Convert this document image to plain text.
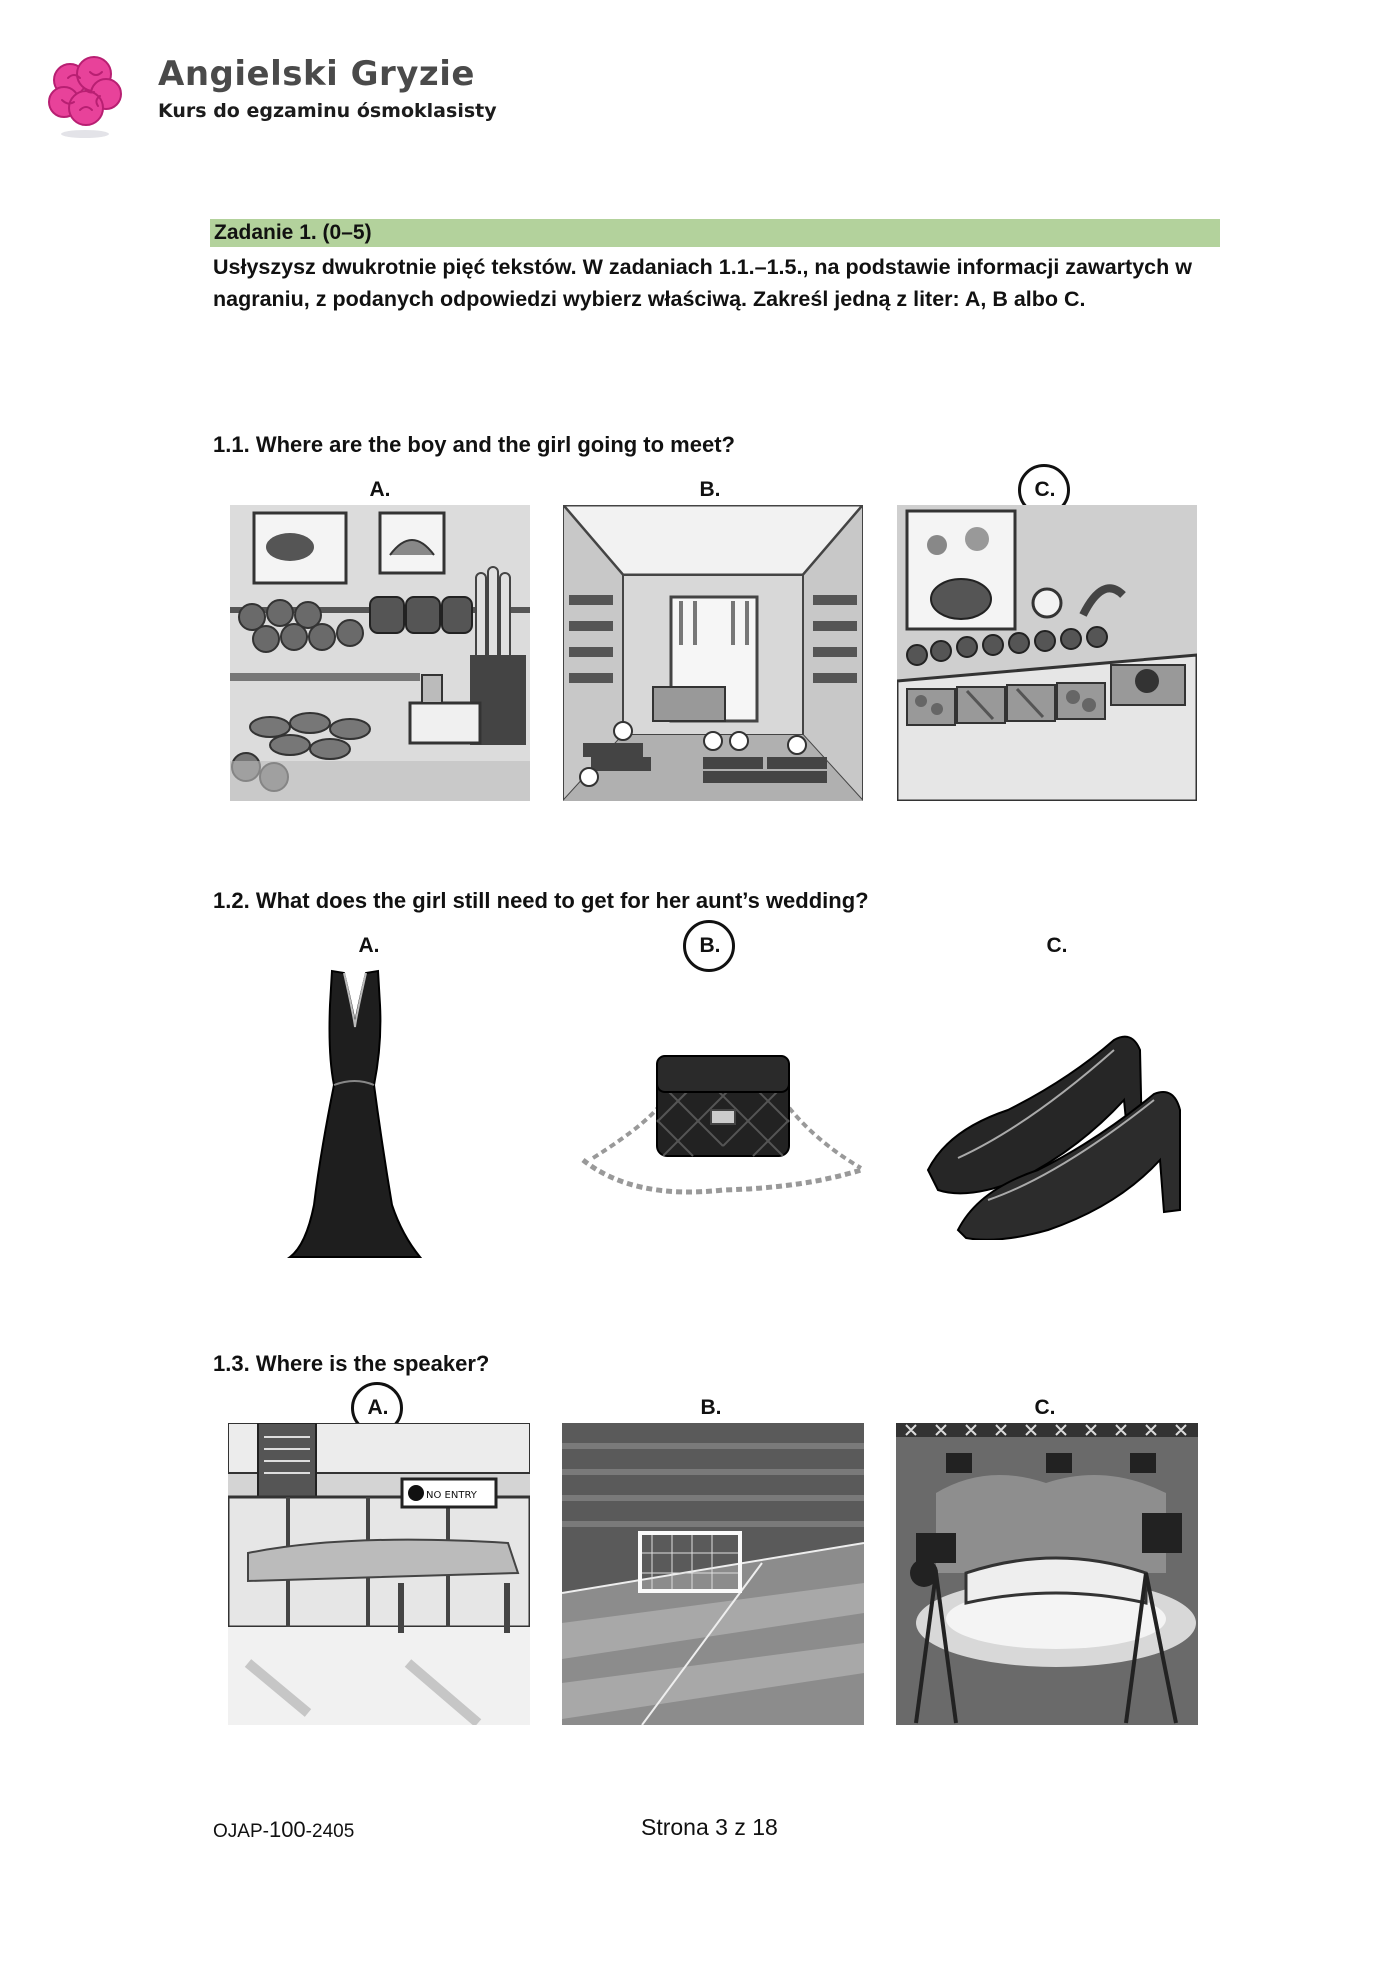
Angielski Gryzie
Kurs do egzaminu ósmoklasisty
Zadanie 1. (0–5)
Usłyszysz dwukrotnie pięć tekstów. W zadaniach 1.1.–1.5., na podstawie informacji zawartych w nagraniu, z podanych odpowiedzi wybierz właściwą. Zakreśl jedną z liter: A, B albo C.
1.1. Where are the boy and the girl going to meet?
A.	B.	C.
1.2. What does the girl still need to get for her aunt’s wedding?
A.	B.	C.
1.3. Where is the speaker?
A.	B.	C.
NO ENTRY
OJAP-100-2405	Strona 3 z 18
